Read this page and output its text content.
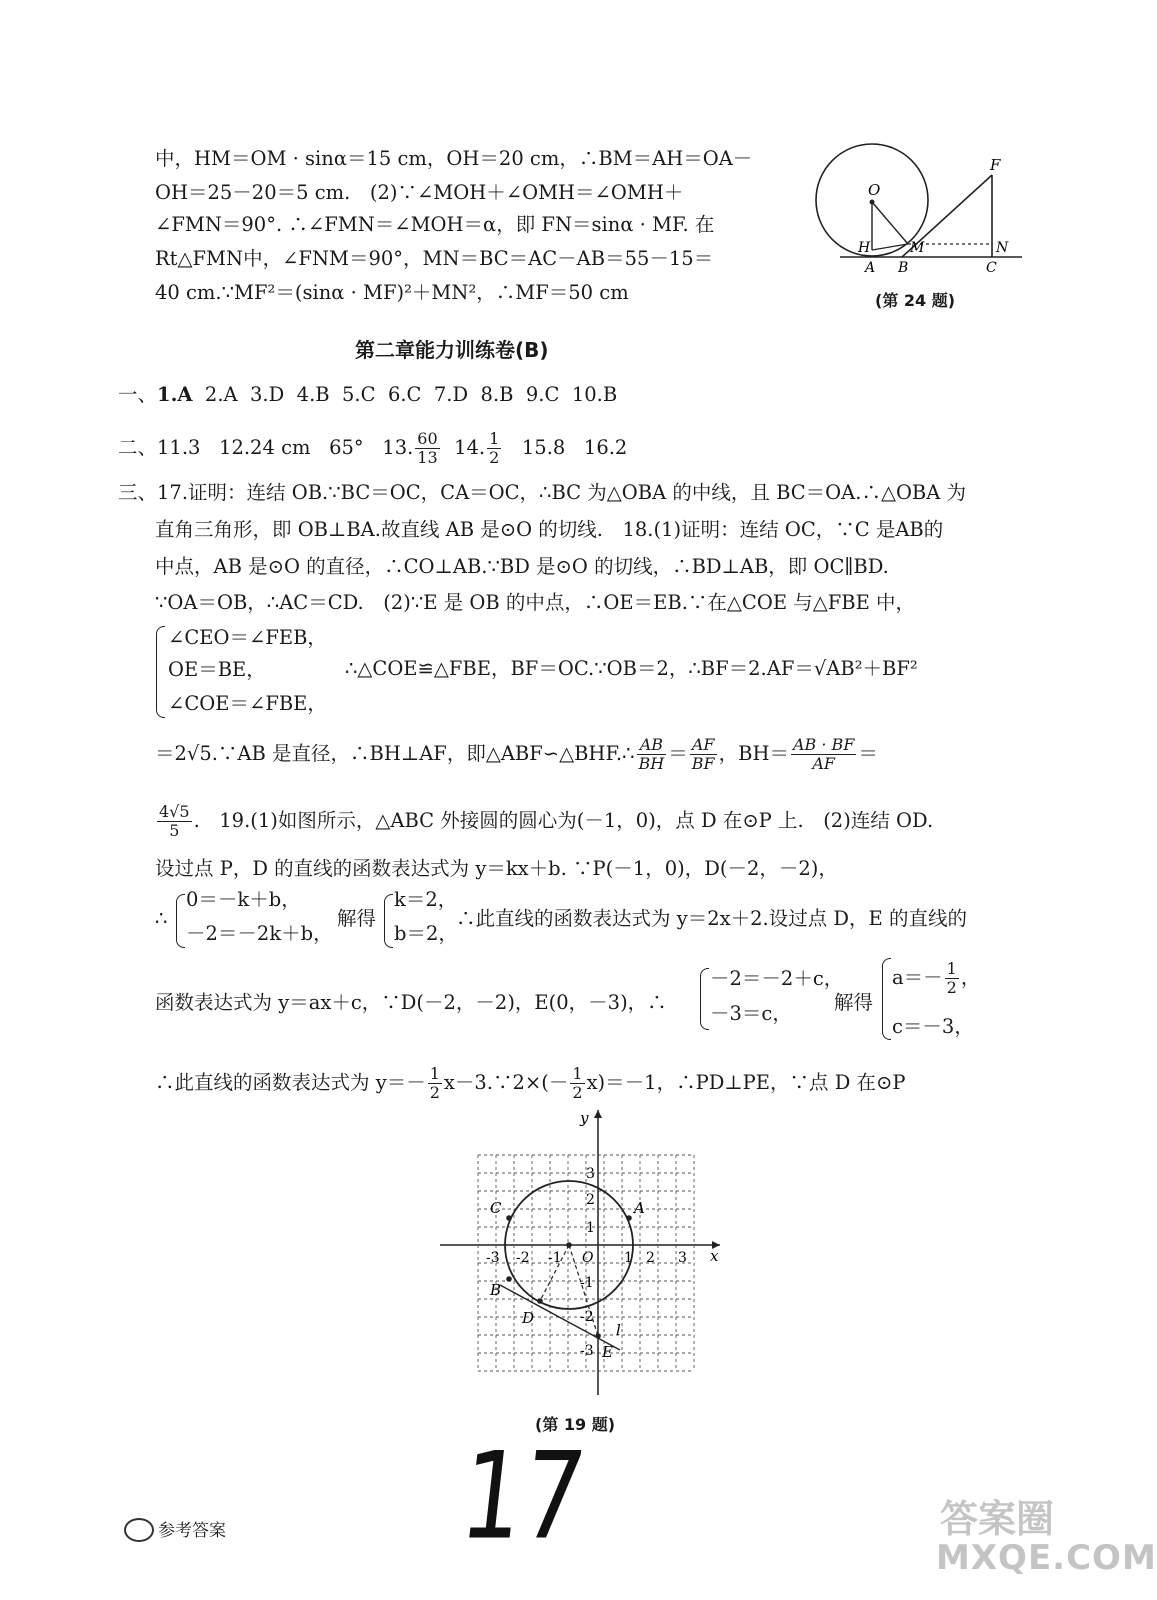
中，HM＝OM · sinα＝15 cm，OH＝20 cm，∴BM＝AH＝OA－
OH＝25－20＝5 cm.　(2)∵∠MOH＋∠OMH＝∠OMH＋
∠FMN＝90°. ∴∠FMN＝∠MOH＝α，即 FN＝sinα · MF. 在
Rt△FMN中，∠FNM＝90°，MN＝BC＝AC－AB＝55－15＝
40 cm.∵MF²＝(sinα · MF)²＋MN²，∴MF＝50 cm
O
F
H	M	N
A B	C
(第 24 题)
第二章能力训练卷(B)
一、1.A 2.A 3.D 4.B 5.C 6.C 7.D 8.B 9.C 10.B
二、11.3 12.24 cm 65° 13. $\frac{60}{13} 14$. $\frac{1}{2} 15.8$ 16.2
三、17.证明：连结 OB.∵BC＝OC，CA＝OC，∴BC 为△OBA 的中线，且 BC＝OA.∴△OBA 为
直角三角形，即 OB⊥BA.故直线 AB 是⊙O 的切线.　18.(1)证明：连结 OC，∵C 是AB的
中点，AB 是⊙O 的直径，∴CO⊥AB.∵BD 是⊙O 的切线，∴BD⊥AB，即 OC∥BD.
∵OA＝OB，∴AC＝CD.　(2)∵E 是 OB 的中点，∴OE＝EB.∵在△COE 与△FBE 中，
∠CEO＝∠FEB，
OE＝BE，
∠COE＝∠FBE，
∴△COE≌△FBE，BF＝OC.∵OB＝2，∴BF＝2.AF＝√AB²＋BF²
＝2√5.∵AB 是直径，∴BH⊥AF，即△ABF∽△BHF.∴ $\frac{AB}{BH} = \frac{AF}{BF}$ ，$BH= \frac{AB \cdot BF}{AF}$ ＝
$\frac{4√5}{5}$ .　19.(1)如图所示，△ABC 外接圆的圆心为(－1，0)，点 D 在⊙P 上.　(2)连结 OD.
设过点 P，D 的直线的函数表达式为 y＝kx＋b. ∵P(－1，0)，D(－2，－2)，
∴
0＝－k＋b，
－2＝－2k＋b，
解得
k＝2，
b＝2，
∴此直线的函数表达式为 y＝2x＋2.设过点 D，E 的直线的
函数表达式为 y＝ax＋c，∵D(－2，－2)，E(0，－3)，∴
－2＝－2＋c，
－3＝c， 解得
$a=- \frac{1}{2}$ ，
c＝－3，
∴此直线的函数表达式为 $y=- \frac{1}{2}$ x－3.∵2×(－ $\frac{1}{2} x)=-1$，∴PD⊥PE，∵点 D 在⊙P
x
y
C	A
B
D
E
l
3
2
1
O 1 2 3
-3 -2 -1
-1
-2
-3
(第 19 题)
参考答案 17	答案圈
MXQE.COM
